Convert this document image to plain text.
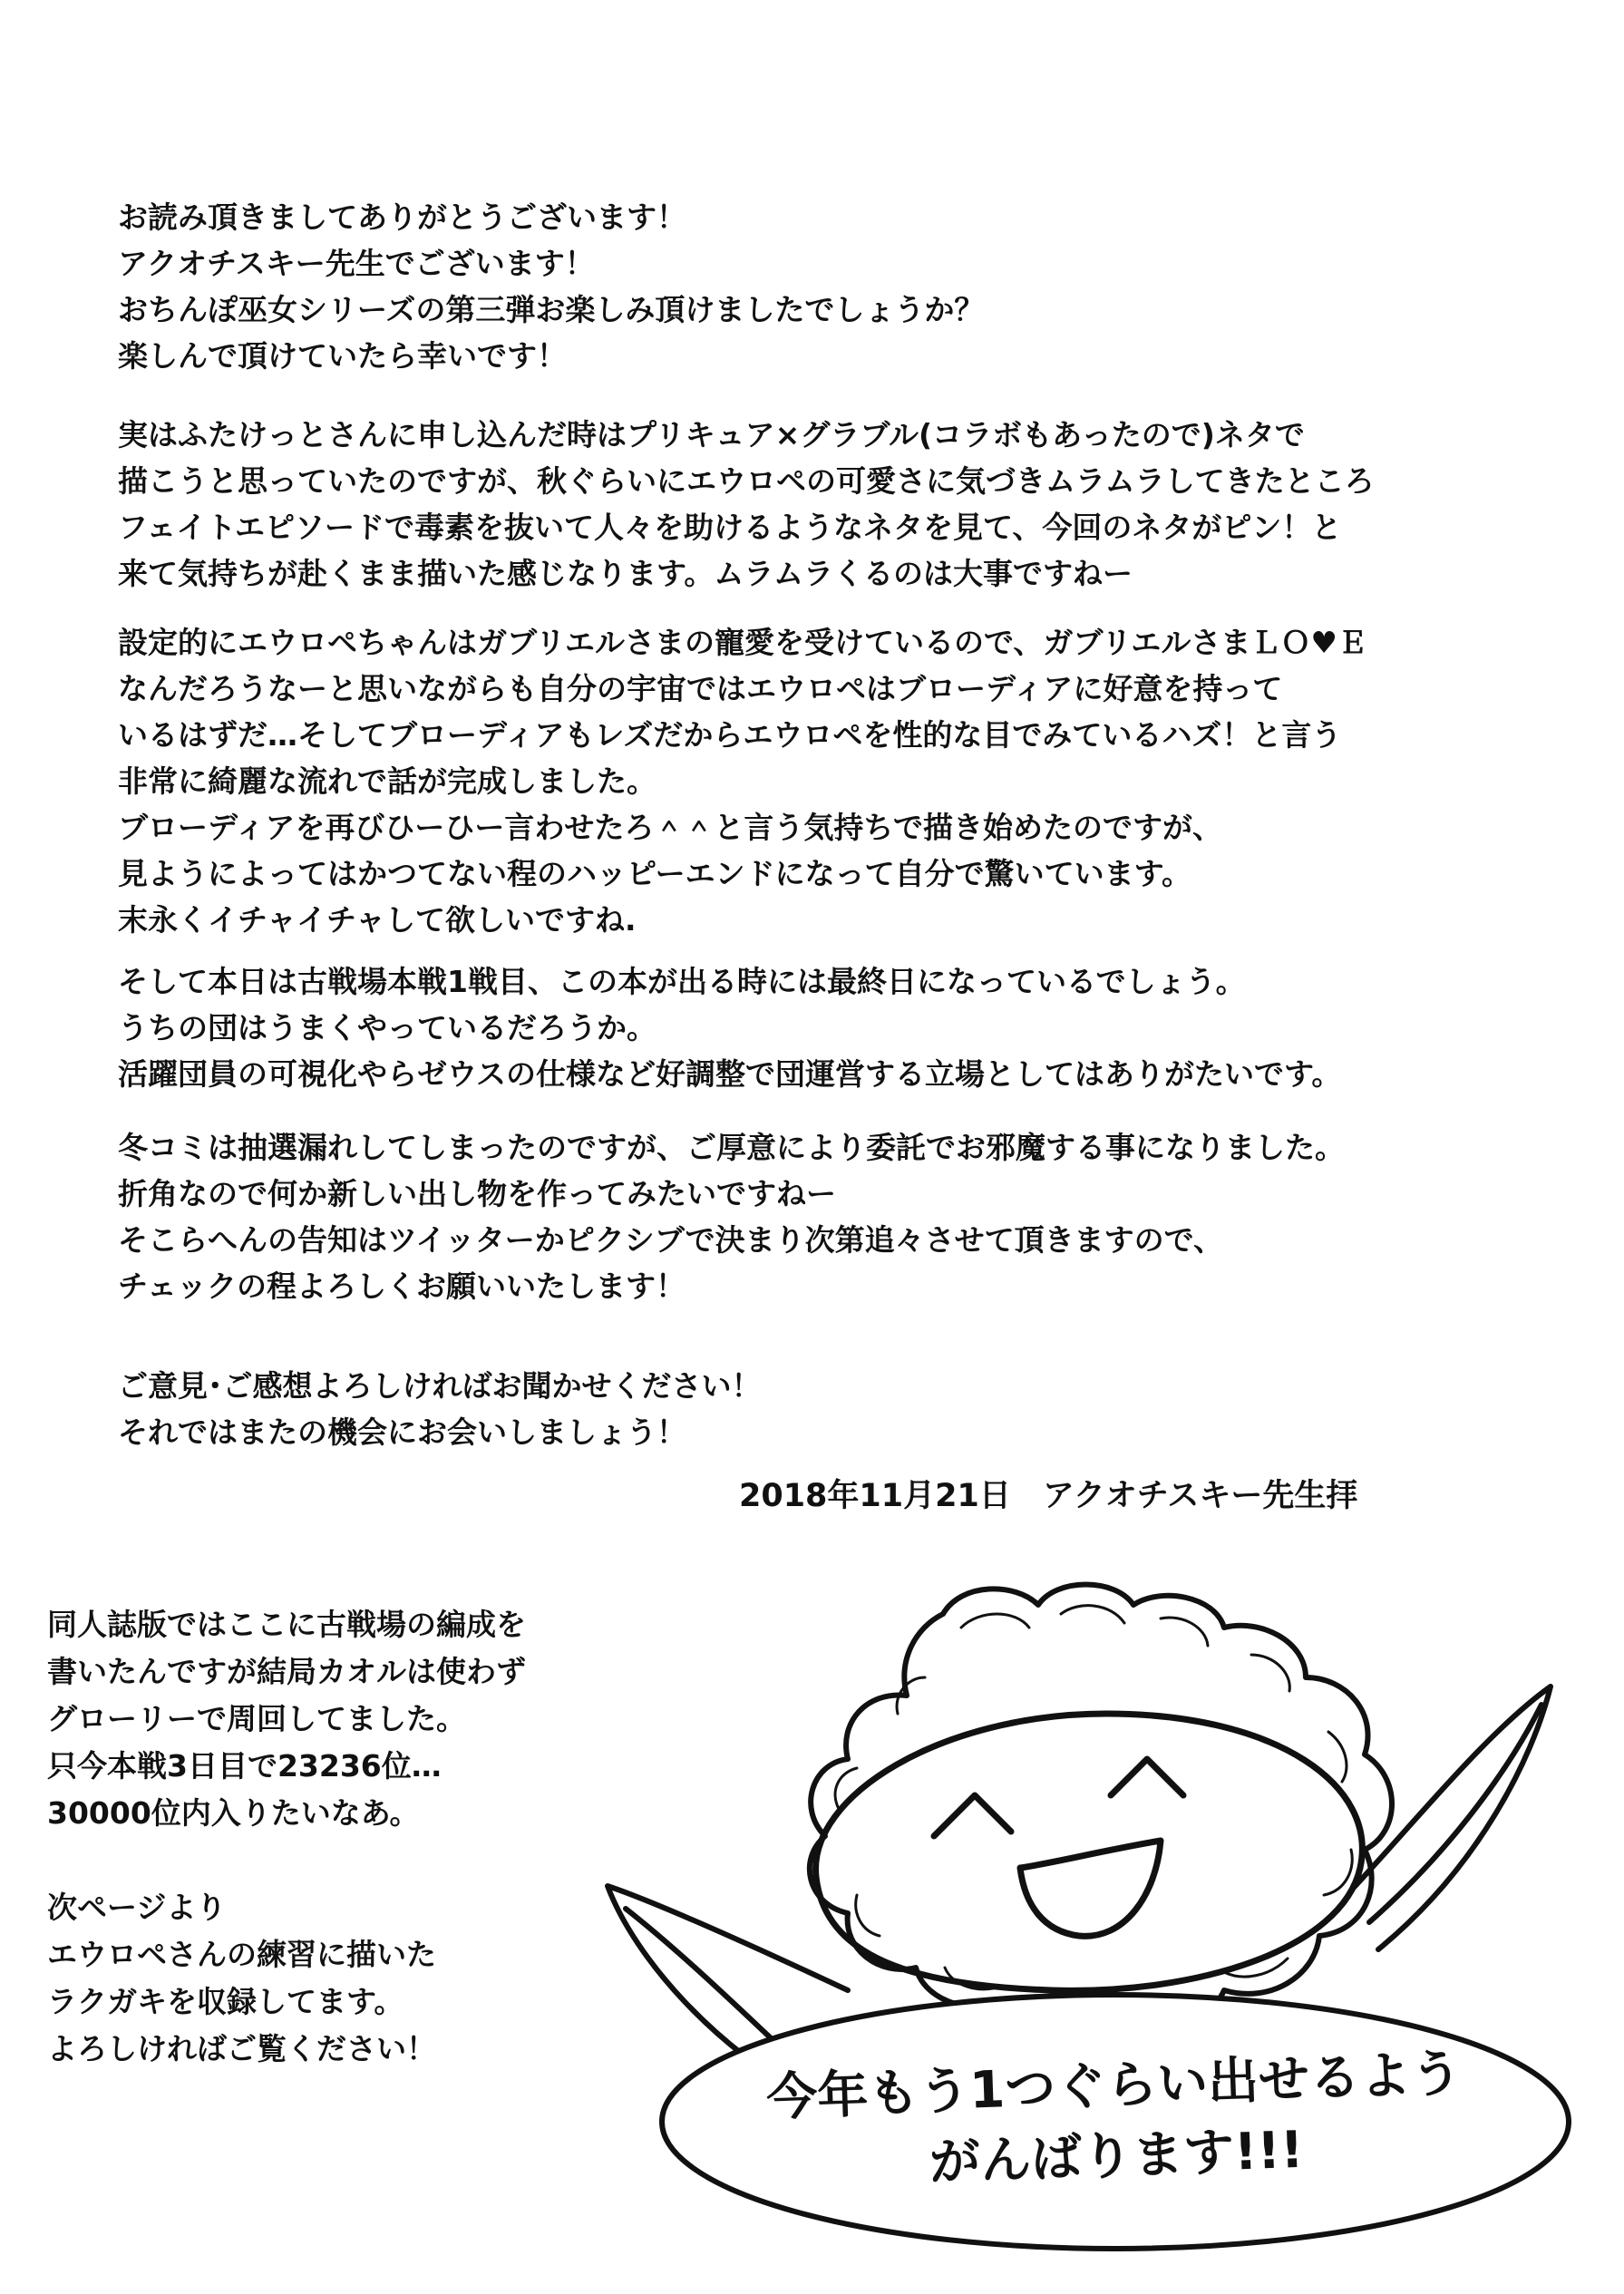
お読み頂きましてありがとうございます！
アクオチスキー先生でございます！
おちんぽ巫女シリーズの第三弾お楽しみ頂けましたでしょうか？
楽しんで頂けていたら幸いです！
実はふたけっとさんに申し込んだ時はプリキュア×グラブル(コラボもあったので)ネタで
描こうと思っていたのですが、秋ぐらいにエウロペの可愛さに気づきムラムラしてきたところ
フェイトエピソードで毒素を抜いて人々を助けるようなネタを見て、今回のネタがピン！と
来て気持ちが赴くまま描いた感じなります。ムラムラくるのは大事ですねー
設定的にエウロペちゃんはガブリエルさまの寵愛を受けているので、ガブリエルさまＬＯ♥Ｅ
なんだろうなーと思いながらも自分の宇宙ではエウロペはブローディアに好意を持って
いるはずだ…そしてブローディアもレズだからエウロペを性的な目でみているハズ！と言う
非常に綺麗な流れで話が完成しました。
ブローディアを再びひーひー言わせたろ＾＾と言う気持ちで描き始めたのですが、
見ようによってはかつてない程のハッピーエンドになって自分で驚いています。
末永くイチャイチャして欲しいですね.
そして本日は古戦場本戦1戦目、この本が出る時には最終日になっているでしょう。
うちの団はうまくやっているだろうか。
活躍団員の可視化やらゼウスの仕様など好調整で団運営する立場としてはありがたいです。
冬コミは抽選漏れしてしまったのですが、ご厚意により委託でお邪魔する事になりました。
折角なので何か新しい出し物を作ってみたいですねー
そこらへんの告知はツイッターかピクシブで決まり次第追々させて頂きますので、
チェックの程よろしくお願いいたします！
ご意見･ご感想よろしければお聞かせください！
それではまたの機会にお会いしましょう！
2018年11月21日　アクオチスキー先生拝
同人誌版ではここに古戦場の編成を
書いたんですが結局カオルは使わず
グローリーで周回してました。
只今本戦3日目で23236位…
30000位内入りたいなあ。
次ページより
エウロペさんの練習に描いた
ラクガキを収録してます。
よろしければご覧ください！	今年もう1つぐらい出せるよう
がんばります!!!
